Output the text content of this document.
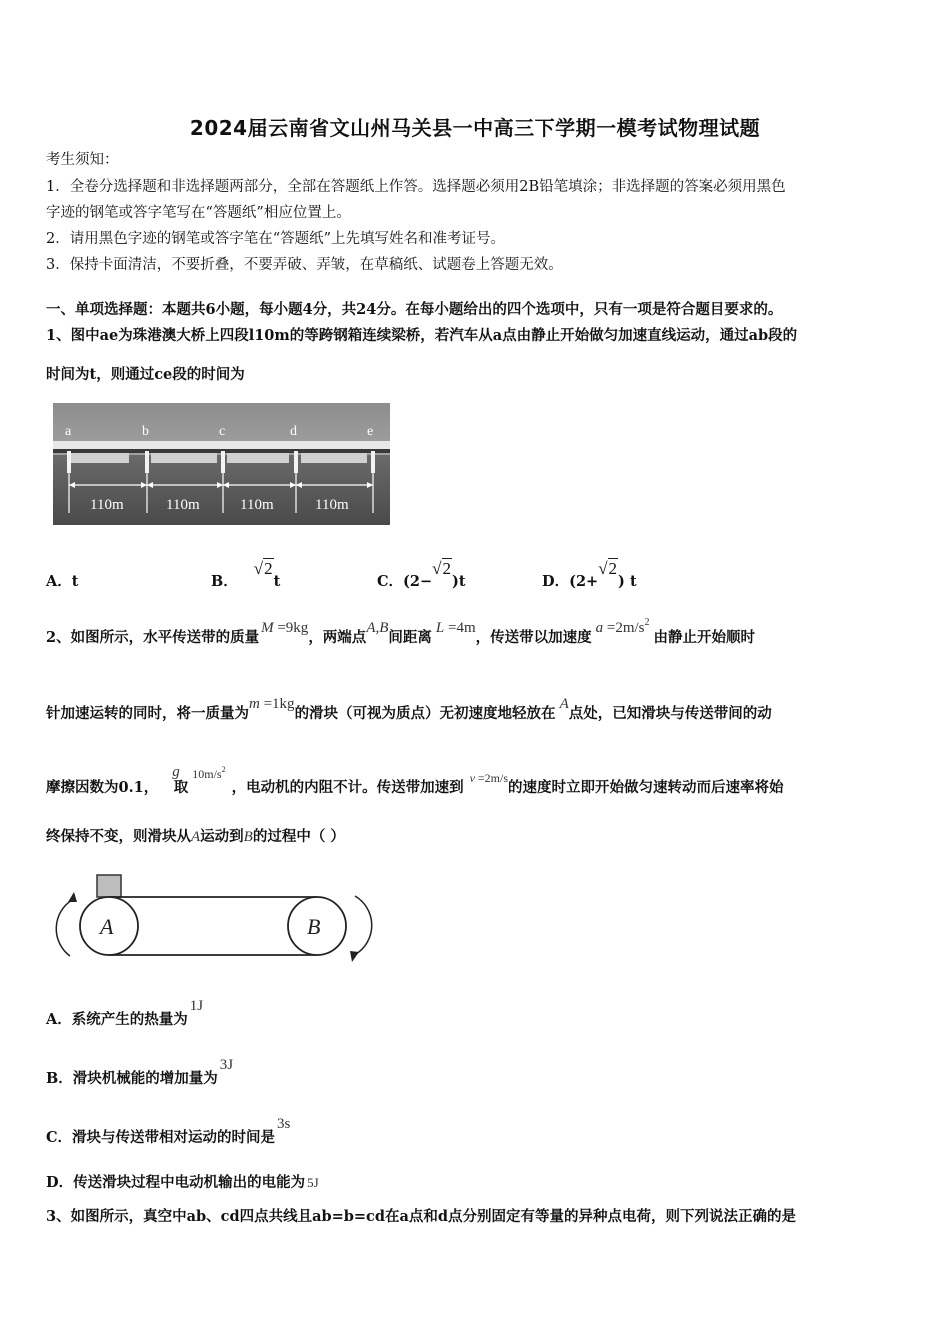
2024届云南省文山州马关县一中高三下学期一模考试物理试题
考生须知：
1．全卷分选择题和非选择题两部分，全部在答题纸上作答。选择题必须用2B铅笔填涂；非选择题的答案必须用黑色
字迹的钢笔或答字笔写在“答题纸”相应位置上。
2．请用黑色字迹的钢笔或答字笔在“答题纸”上先填写姓名和准考证号。
3．保持卡面清洁，不要折叠，不要弄破、弄皱，在草稿纸、试题卷上答题无效。
一、单项选择题：本题共6小题，每小题4分，共24分。在每小题给出的四个选项中，只有一项是符合题目要求的。
1、图中ae为珠港澳大桥上四段l10m的等跨钢箱连续梁桥，若汽车从a点由静止开始做匀加速直线运动，通过ab段的
时间为t，则通过ce段的时间为
a	b	c	d	e
110m	110m	110m	110m
A．t	B．√2t	C．(2−√2)t	D．(2+√2) t
2、如图所示，水平传送带的质量M =9kg，两端点A,B间距离L =4m，传送带以加速度$a =2m/s^2$由静止开始顺时
针加速运转的同时，将一质量为m =1kg的滑块（可视为质点）无初速度地轻放在A点处，已知滑块与传送带间的动
摩擦因数为0.1，g取$^{10m/s2}$，电动机的内阻不计。传送带加速到v =2m/s的速度时立即开始做匀速转动而后速率将始
终保持不变，则滑块从A运动到B的过程中（ ）
A	B
A．系统产生的热量为1J
B．滑块机械能的增加量为3J
C．滑块与传送带相对运动的时间是3s
D．传送滑块过程中电动机输出的电能为 5J
3、如图所示，真空中ab、cd四点共线且ab=b=cd在a点和d点分别固定有等量的异种点电荷，则下列说法正确的是
